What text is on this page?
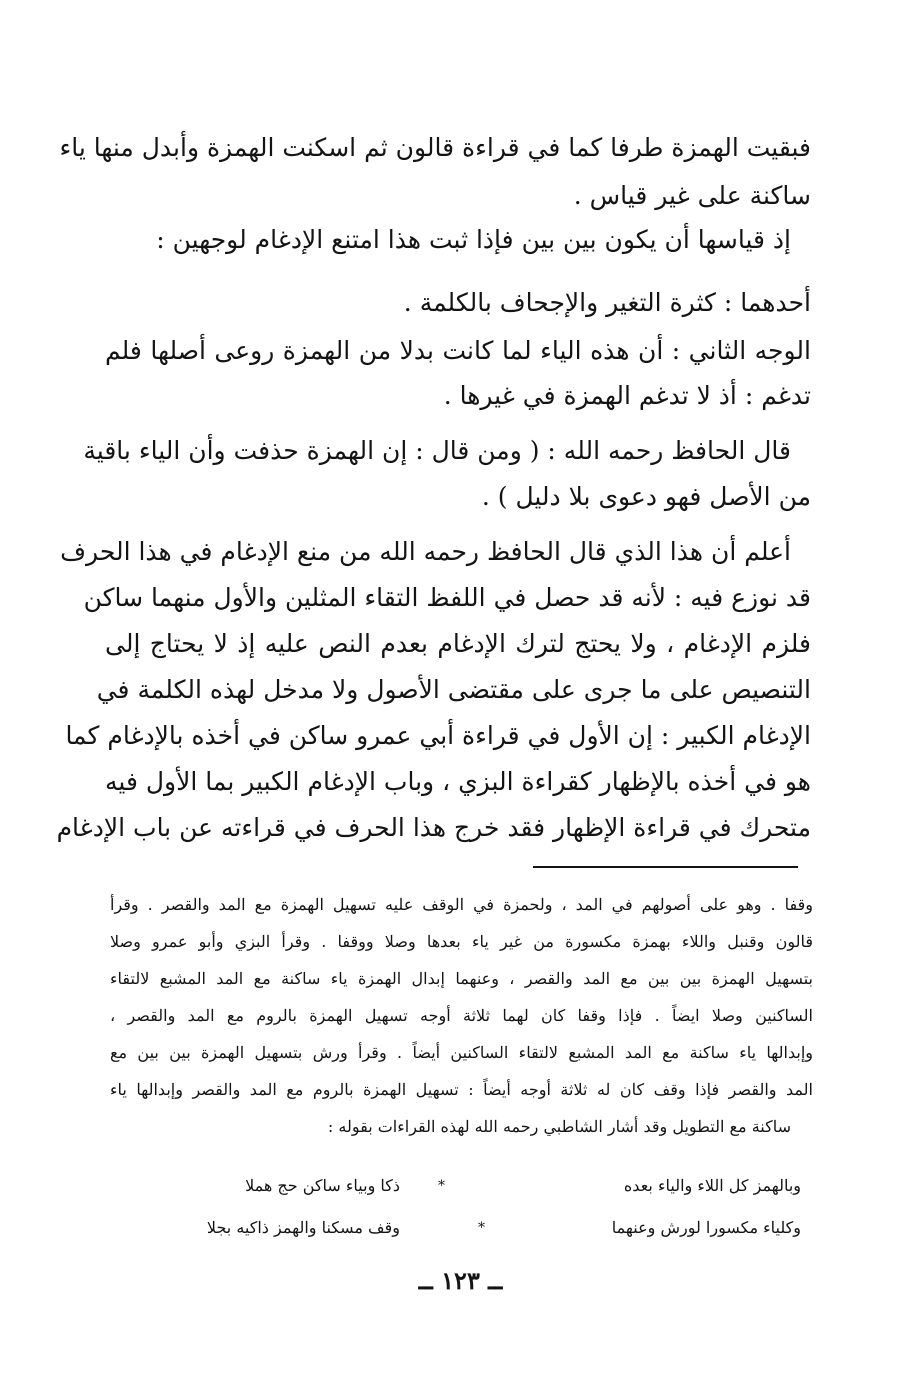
فبقيت الهمزة طرفا كما في قراءة قالون ثم اسكنت الهمزة وأبدل منها ياء
ساكنة على غير قياس .
إذ قياسها أن يكون بين بين فإذا ثبت هذا امتنع الإدغام لوجهين :
أحدهما : كثرة التغير والإجحاف بالكلمة .
الوجه الثاني : أن هذه الياء لما كانت بدلا من الهمزة روعى أصلها فلم
تدغم : أذ لا تدغم الهمزة في غيرها .
قال الحافظ رحمه الله : ( ومن قال : إن الهمزة حذفت وأن الياء باقية
من الأصل فهو دعوى بلا دليل ) .
أعلم أن هذا الذي قال الحافظ رحمه الله من منع الإدغام في هذا الحرف
قد نوزع فيه : لأنه قد حصل في اللفظ التقاء المثلين والأول منهما ساكن
فلزم الإدغام ، ولا يحتج لترك الإدغام بعدم النص عليه إذ لا يحتاج إلى
التنصيص على ما جرى على مقتضى الأصول ولا مدخل لهذه الكلمة في
الإدغام الكبير : إن الأول في قراءة أبي عمرو ساكن في أخذه بالإدغام كما
هو في أخذه بالإظهار كقراءة البزي ، وباب الإدغام الكبير بما الأول فيه
متحرك في قراءة الإظهار فقد خرج هذا الحرف في قراءته عن باب الإدغام
وقفا . وهو على أصولهم في المد ، ولحمزة في الوقف عليه تسهيل الهمزة مع المد والقصر . وقرأ
قالون وقنبل واللاء بهمزة مكسورة من غير ياء بعدها وصلا ووقفا . وقرأ البزي وأبو عمرو وصلا
بتسهيل الهمزة بين بين مع المد والقصر ، وعنهما إبدال الهمزة ياء ساكنة مع المد المشبع لالتقاء
الساكنين وصلا ايضاً . فإذا وقفا كان لهما ثلاثة أوجه تسهيل الهمزة بالروم مع المد والقصر ،
وإبدالها ياء ساكنة مع المد المشبع لالتقاء الساكنين أيضاً . وقرأ ورش بتسهيل الهمزة بين بين مع
المد والقصر فإذا وقف كان له ثلاثة أوجه أيضاً : تسهيل الهمزة بالروم مع المد والقصر وإبدالها ياء
ساكنة مع التطويل وقد أشار الشاطبي رحمه الله لهذه القراءات بقوله :
وبالهمز كل اللاء والياء بعده
*
ذكا وبياء ساكن حج هملا
وكلياء مكسورا لورش وعنهما
*
وقف مسكنا والهمز ذاكيه بجلا
ــ ١٢٣ ــ
